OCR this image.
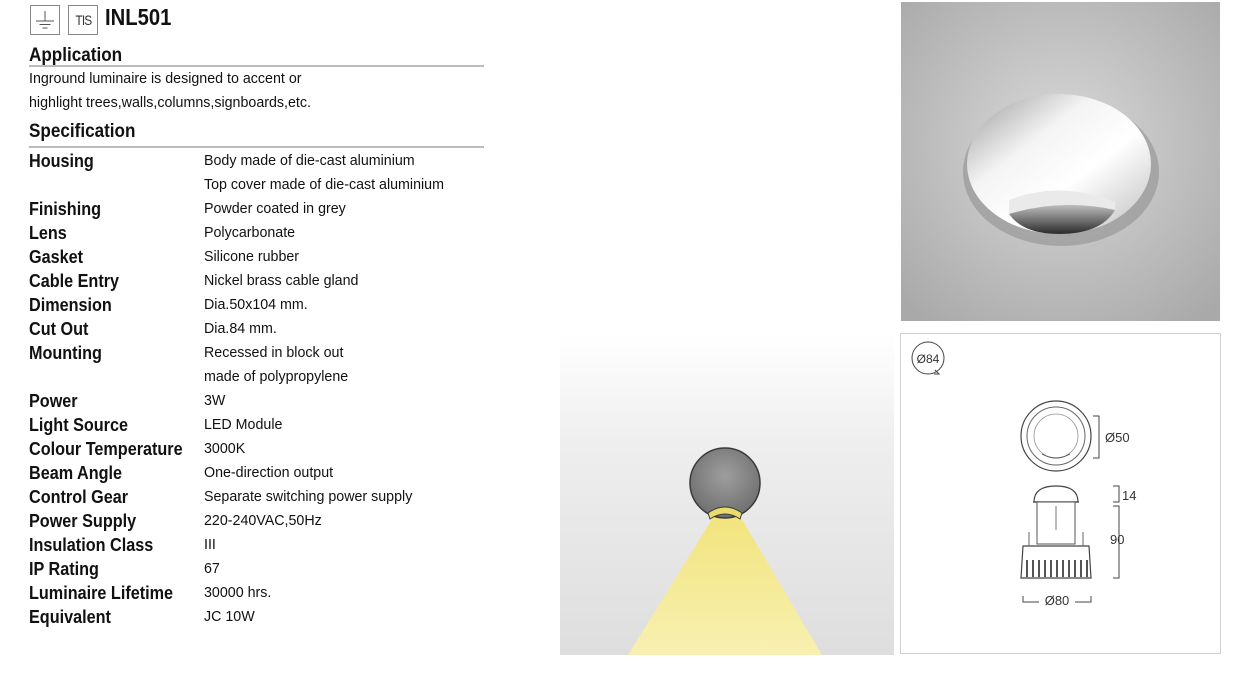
TIS INL501
Application
Inground luminaire is designed to accent or
highlight trees,walls,columns,signboards,etc.
Specification
Housing	Body made of die-cast aluminium
Top cover made of die-cast aluminium
Finishing	Powder coated in grey
Lens	Polycarbonate
Gasket	Silicone rubber
Cable Entry	Nickel brass cable gland
Dimension	Dia.50x104 mm.
Cut Out	Dia.84 mm.
Mounting	Recessed in block out
made of polypropylene
Power	3W
Light Source	LED Module
Colour Temperature	3000K
Beam Angle	One-direction output
Control Gear	Separate switching power supply
Power Supply	220-240VAC,50Hz
Insulation Class	III
IP Rating	67
Luminaire Lifetime	30000 hrs.
Equivalent	JC 10W
Ø84
Ø50
14
90
Ø80
